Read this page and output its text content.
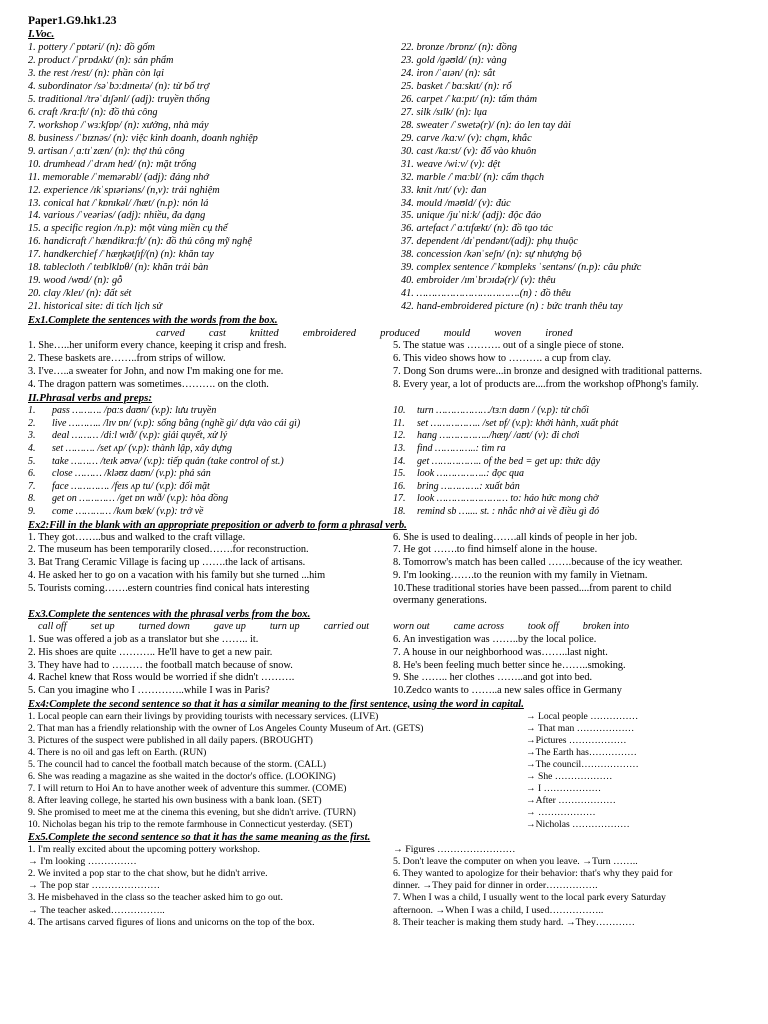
Paper1.G9.hk1.23
I.Voc.
1. pottery /ˈpɒtəri/ (n): đồ gốm
2. product /ˈprɒdʌkt/ (n): sản phẩm
3. the rest /rest/ (n): phần còn lại
4. subordinator /səˈbɔːdɪneɪtə/ (n): từ bổ trợ
5. traditional /trəˈdɪʃənl/ (adj): truyền thống
6. craft /krɑːft/ (n): đồ thủ công
7. workshop /ˈwɜːkʃɒp/ (n): xưởng, nhà máy
8. business /ˈbɪznəs/ (n): việc kinh doanh, doanh nghiệp
9. artisan /ˌɑːtɪˈzæn/ (n): thợ thủ công
10. drumhead /ˈdrʌm hed/ (n): mặt trống
11. memorable /ˈmemərəbl/ (adj): đáng nhớ
12. experience /ɪkˈspɪəriəns/ (n,v): trải nghiệm
13. conical hat /ˈkɒnɪkəl/ /hæt/ (n.p): nón lá
14. various /ˈveəriəs/ (adj): nhiều, đa dạng
15. a specific region /n.p): một vùng miền cụ thể
16. handicraft /ˈhændikrɑːft/ (n): đồ thủ công mỹ nghệ
17. handkerchief /ˈhæŋkətʃɪf/(n) (n): khăn tay
18. tablecloth /ˈteɪblklɒθ/ (n): khăn trải bàn
19. wood /wʊd/ (n): gỗ
20. clay /kleɪ/ (n): đất sét
21. historical site: di tích lịch sử
22. bronze /brɒnz/ (n): đồng
23. gold /ɡəʊld/ (n): vàng
24. iron /ˈaɪən/ (n): sắt
25. basket /ˈbɑːskɪt/ (n): rổ
26. carpet /ˈkɑːpɪt/ (n): tấm thảm
27. silk /sɪlk/ (n): lụa
28. sweater /ˈswetə(r)/ (n): áo len tay dài
29. carve /kɑːv/ (v): chạm, khắc
30. cast /kɑːst/ (v): đổ vào khuôn
31. weave /wiːv/ (v): dệt
32. marble /ˈmɑːbl/ (n): cẩm thạch
33. knit /nɪt/ (v): đan
34. mould /məʊld/ (v): đúc
35. unique /juˈniːk/ (adj): độc đáo
36. artefact /ˈɑːtɪfækt/ (n): đồ tạo tác
37. dependent /dɪˈpendənt/(adj): phụ thuộc
38. concession /kənˈseʃn/ (n): sự nhượng bộ
39. complex sentence /ˈkɒmpleks ˈsentəns/ (n.p): câu phức
40. embroider /ɪmˈbrɔɪdə(r)/ (v): thêu
41. …………………………….(n) : đồ thêu
42. hand-embroidered picture (n) : bức tranh thêu tay
Ex1.Complete the sentences with the words from the box.
carved cast knitted embroidered produced mould woven ironed
1. She…..her uniform every chance, keeping it crisp and fresh.
2. These baskets are……..from strips of willow.
3. I've…..a sweater for John, and now I'm making one for me.
4. The dragon pattern was sometimes………. on the cloth.
5. The statue was ………. out of a single piece of stone.
6. This video shows how to ………. a cup from clay.
7. Dong Son drums were...in bronze and designed with traditional patterns.
8. Every year, a lot of products are....from the workshop ofPhong's family.
II.Phrasal verbs and preps:
1. pass ………. /pɑːs daʊn/ (v.p): lưu truyền
2. live ……….. /lɪv ɒn/ (v.p): sống bằng (nghề gì/ dựa vào cái gì)
3. deal ……… /diːl wɪð/ (v.p): giải quyết, xử lý
4. set ………. /set ʌp/ (v.p): thành lập, xây dựng
5. take ……… /teɪk əʊvə/ (v.p): tiếp quản (take control of st.)
6. close ……… /kləʊz daʊn/ (v.p): phá sản
7. face …………. /feɪs ʌp tu/ (v.p): đối mặt
8. get on ………… /ɡet ɒn wɪð/ (v.p): hòa đồng
9. come ………… /kʌm bæk/ (v.p): trở về
10. turn ………………/tɜːn daʊn / (v.p): từ chối
11. set …………….. /set ɒf/ (v.p): khởi hành, xuất phát
12. hang ……………../hæŋ/ /aʊt/ (v): đi chơi
13. find …………..: tìm ra
14. get …………….. of the bed = get up: thức dậy
15. look ……………..: đọc qua
16. bring ………….: xuất bản
17. look …………………… to: háo hức mong chờ
18. remind sb ….... st. : nhắc nhở ai về điều gì đó
Ex2:Fill in the blank with an appropriate preposition or adverb to form a phrasal verb.
1. They got……..bus and walked to the craft village.
2. The museum has been temporarily closed…….for reconstruction.
3. Bat Trang Ceramic Village is facing up …….the lack of artisans.
4. He asked her to go on a vacation with his family but she turned ...him
5. Tourists coming…….estern countries find conical hats interesting
6. She is used to dealing…….all kinds of people in her job.
7. He got …….to find himself alone in the house.
8. Tomorrow's match has been called …….because of the icy weather.
9. I'm looking…….to the reunion with my family in Vietnam.
10.These traditional stories have been passed....from parent to child
overmany generations.
Ex3.Complete the sentences with the phrasal verbs from the box.
call off set up turned down gave up turn up carried out worn out came across took off broken into
1. Sue was offered a job as a translator but she …….. it.
2. His shoes are quite ……….. He'll have to get a new pair.
3. They have had to ……… the football match because of snow.
4. Rachel knew that Ross would be worried if she didn't ……….
5. Can you imagine who I …………..while I was in Paris?
6. An investigation was ……..by the local police.
7. A house in our neighborhood was……..last night.
8. He's been feeling much better since he……..smoking.
9. She …….. her clothes ……..and got into bed.
10.Zedco wants to ……..a new sales office in Germany
Ex4:Complete the second sentence so that it has a similar meaning to the first sentence, using the word in capital.
1. Local people can earn their livings by providing tourists with necessary services. (LIVE)	→ Local people ……………
2. That man has a friendly relationship with the owner of Los Angeles County Museum of Art. (GETS)	→ That man ………………
3. Pictures of the suspect were published in all daily papers. (BROUGHT)	→Pictures ………………
4. There is no oil and gas left on Earth. (RUN)	→The Earth has……………
5. The council had to cancel the football match because of the storm. (CALL)	→The council………………
6. She was reading a magazine as she waited in the doctor's office. (LOOKING)	→ She ………………
7. I will return to Hoi An to have another week of adventure this summer. (COME)	→ I ………………
8. After leaving college, he started his own business with a bank loan. (SET)	→After ………………
9. She promised to meet me at the cinema this evening, but she didn't arrive. (TURN)	→ ………………
10. Nicholas began his trip to the remote farmhouse in Connecticut yesterday. (SET)	→Nicholas ………………
Ex5.Complete the second sentence so that it has the same meaning as the first.
1. I'm really excited about the upcoming pottery workshop.
→ I'm looking ……………
2. We invited a pop star to the chat show, but he didn't arrive.
→ The pop star …………………
3. He misbehaved in the class so the teacher asked him to go out.
→ The teacher asked……………..
4. The artisans carved figures of lions and unicorns on the top of the box.
→ Figures ……………………
5. Don't leave the computer on when you leave. →Turn ……..
6. They wanted to apologize for their behavior: that's why they paid for
dinner. →They paid for dinner in order…………….
7. When I was a child, I usually went to the local park every Saturday
afternoon. →When I was a child, I used……………..
8. Their teacher is making them study hard. →They…………
